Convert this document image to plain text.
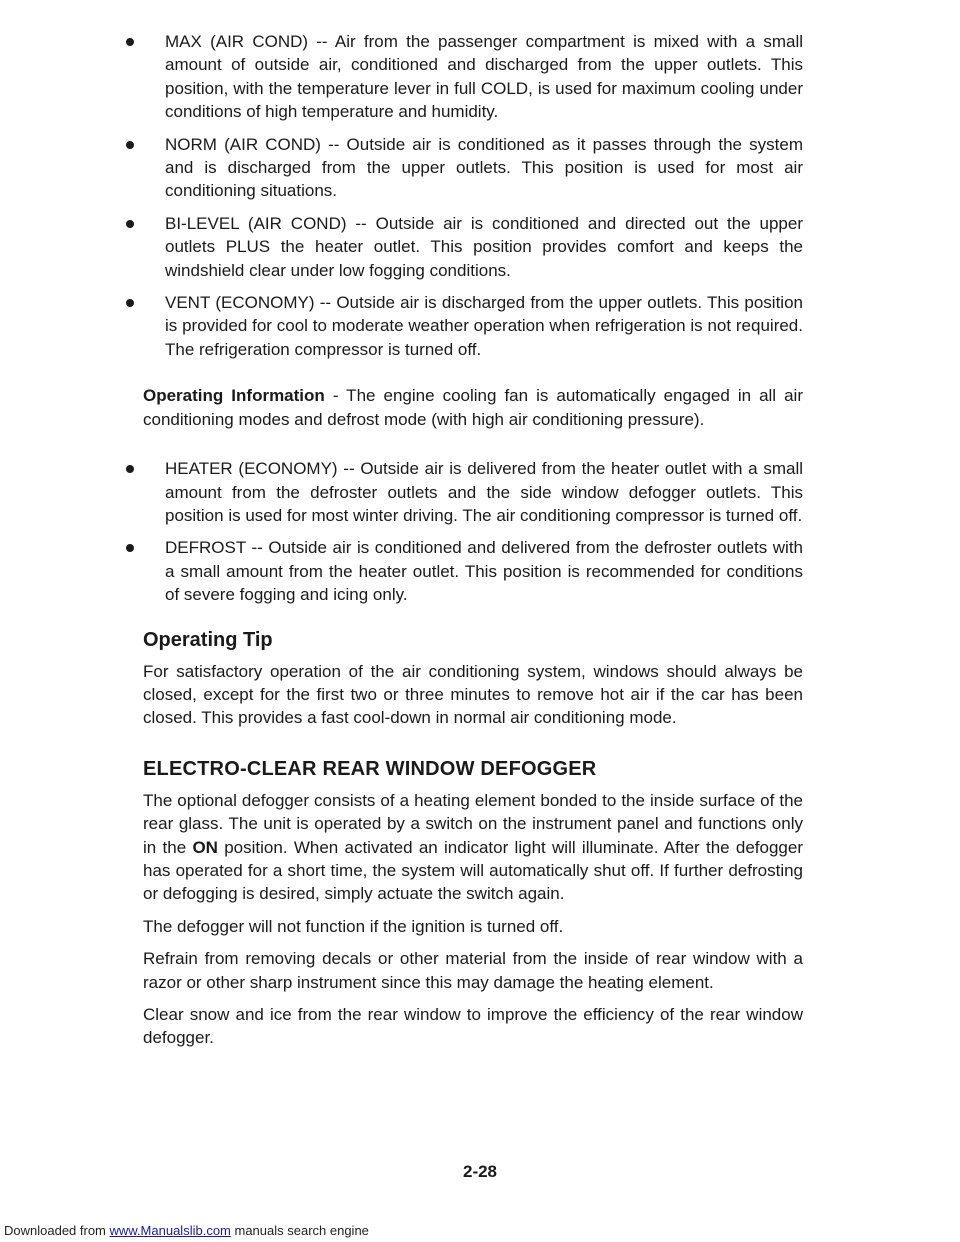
MAX (AIR COND) -- Air from the passenger compartment is mixed with a small amount of outside air, conditioned and discharged from the upper outlets. This position, with the temperature lever in full COLD, is used for maximum cooling under conditions of high temperature and humidity.
NORM (AIR COND) -- Outside air is conditioned as it passes through the system and is discharged from the upper outlets. This position is used for most air conditioning situations.
BI-LEVEL (AIR COND) -- Outside air is conditioned and directed out the upper outlets PLUS the heater outlet. This position provides comfort and keeps the windshield clear under low fogging conditions.
VENT (ECONOMY) -- Outside air is discharged from the upper outlets. This position is provided for cool to moderate weather operation when refrigeration is not required. The refrigeration compressor is turned off.

Operating Information - The engine cooling fan is automatically engaged in all air conditioning modes and defrost mode (with high air conditioning pressure).

HEATER (ECONOMY) -- Outside air is delivered from the heater outlet with a small amount from the defroster outlets and the side window defogger outlets. This position is used for most winter driving. The air conditioning compressor is turned off.
DEFROST -- Outside air is conditioned and delivered from the defroster outlets with a small amount from the heater outlet. This position is recommended for conditions of severe fogging and icing only.
Operating Tip

For satisfactory operation of the air conditioning system, windows should always be closed, except for the first two or three minutes to remove hot air if the car has been closed. This provides a fast cool-down in normal air conditioning mode.

ELECTRO-CLEAR REAR WINDOW DEFOGGER

The optional defogger consists of a heating element bonded to the inside surface of the rear glass. The unit is operated by a switch on the instrument panel and functions only in the ON position. When activated an indicator light will illuminate. After the defogger has operated for a short time, the system will automatically shut off. If further defrosting or defogging is desired, simply actuate the switch again.

The defogger will not function if the ignition is turned off.

Refrain from removing decals or other material from the inside of rear window with a razor or other sharp instrument since this may damage the heating element.

Clear snow and ice from the rear window to improve the efficiency of the rear window defogger.

2-28
Downloaded from www.Manualslib.com manuals search engine
